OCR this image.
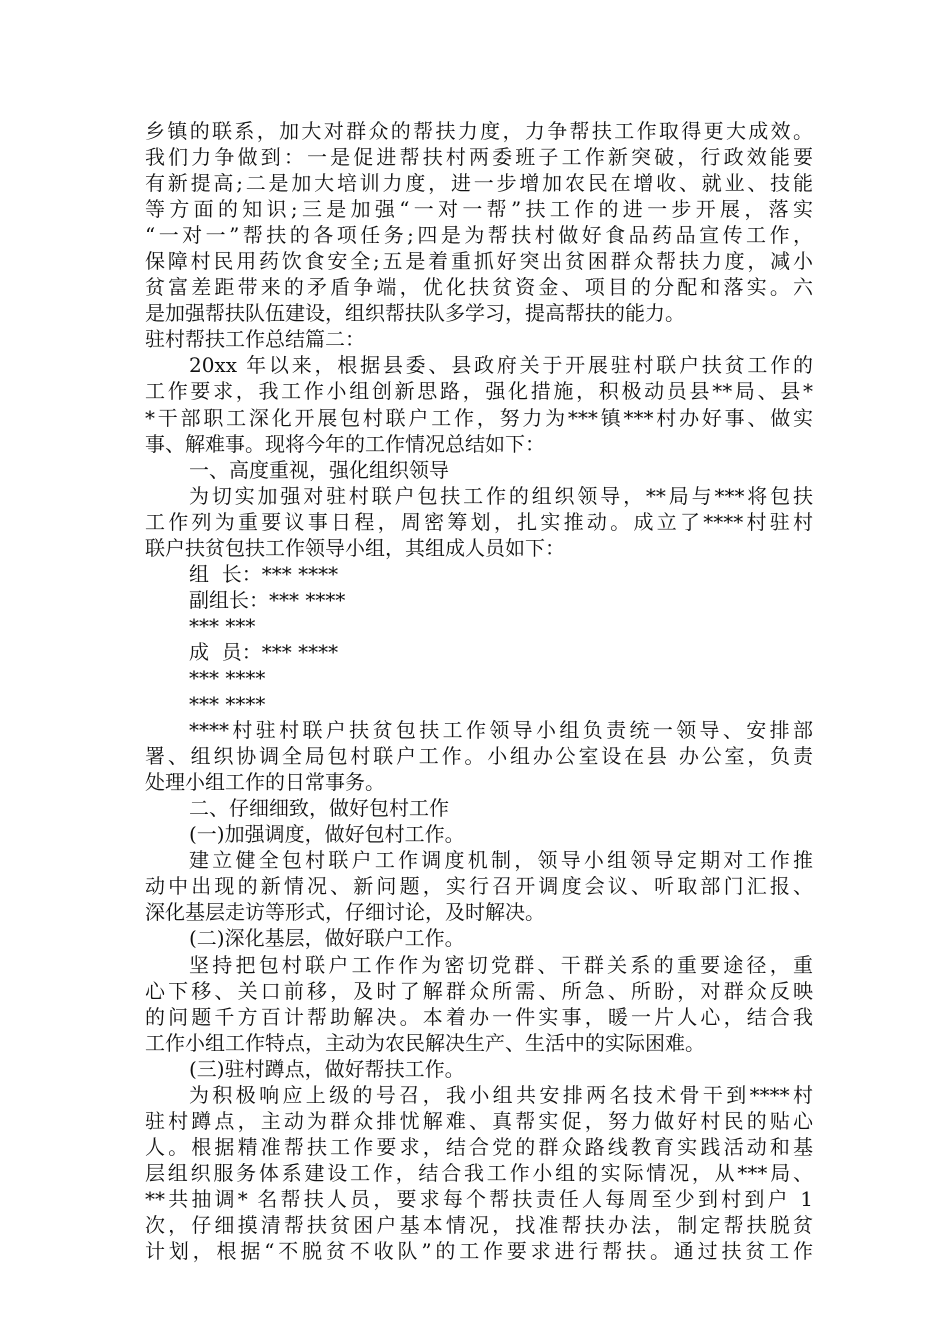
乡镇的联系，加大对群众的帮扶力度，力争帮扶工作取得更大成效。
我们力争做到：一是促进帮扶村两委班子工作新突破，行政效能要
有新提高;二是加大培训力度，进一步增加农民在增收、就业、技能
等方面的知识;三是加强“一对一帮”扶工作的进一步开展，落实
“一对一”帮扶的各项任务;四是为帮扶村做好食品药品宣传工作，
保障村民用药饮食安全;五是着重抓好突出贫困群众帮扶力度，减小
贫富差距带来的矛盾争端，优化扶贫资金、项目的分配和落实。六
是加强帮扶队伍建设，组织帮扶队多学习，提高帮扶的能力。
驻村帮扶工作总结篇二：
20xx 年以来，根据县委、县政府关于开展驻村联户扶贫工作的
工作要求，我工作小组创新思路，强化措施，积极动员县**局、县*
*干部职工深化开展包村联户工作，努力为***镇***村办好事、做实
事、解难事。现将今年的工作情况总结如下：
一、高度重视，强化组织领导
为切实加强对驻村联户包扶工作的组织领导，**局与***将包扶
工作列为重要议事日程，周密筹划，扎实推动。成立了****村驻村
联户扶贫包扶工作领导小组，其组成人员如下：
组  长：*** ****
副组长：*** ****
*** ***
成  员：*** ****
*** ****
*** ****
****村驻村联户扶贫包扶工作领导小组负责统一领导、安排部
署、组织协调全局包村联户工作。小组办公室设在县 办公室，负责
处理小组工作的日常事务。
二、仔细细致，做好包村工作
(一)加强调度，做好包村工作。
建立健全包村联户工作调度机制，领导小组领导定期对工作推
动中出现的新情况、新问题，实行召开调度会议、听取部门汇报、
深化基层走访等形式，仔细讨论，及时解决。
(二)深化基层，做好联户工作。
坚持把包村联户工作作为密切党群、干群关系的重要途径，重
心下移、关口前移，及时了解群众所需、所急、所盼，对群众反映
的问题千方百计帮助解决。本着办一件实事，暖一片人心，结合我
工作小组工作特点，主动为农民解决生产、生活中的实际困难。
(三)驻村蹲点，做好帮扶工作。
为积极响应上级的号召，我小组共安排两名技术骨干到****村
驻村蹲点，主动为群众排忧解难、真帮实促，努力做好村民的贴心
人。根据精准帮扶工作要求，结合党的群众路线教育实践活动和基
层组织服务体系建设工作，结合我工作小组的实际情况，从***局、
**共抽调* 名帮扶人员，要求每个帮扶责任人每周至少到村到户 1
次，仔细摸清帮扶贫困户基本情况，找准帮扶办法，制定帮扶脱贫
计划，根据“不脱贫不收队”的工作要求进行帮扶。通过扶贫工作
